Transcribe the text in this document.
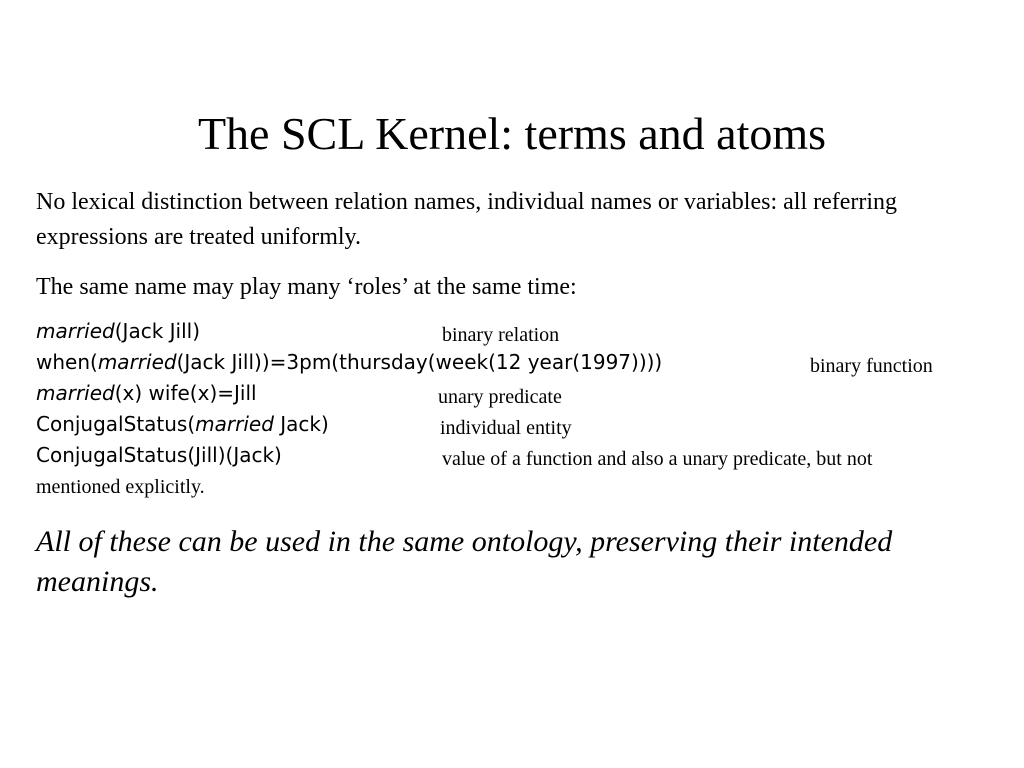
The SCL Kernel: terms and atoms
No lexical distinction between relation names, individual names or variables: all referring expressions are treated uniformly.
The same name may play many ‘roles’ at the same time:
married(Jack Jill)	binary relation
when(married(Jack Jill))=3pm(thursday(week(12 year(1997))))	binary function
married(x) wife(x)=Jill	unary predicate
ConjugalStatus(married Jack)	individual entity
ConjugalStatus(Jill)(Jack)	value of a function and also a unary predicate, but not
mentioned explicitly.
All of these can be used in the same ontology, preserving their intended meanings.
